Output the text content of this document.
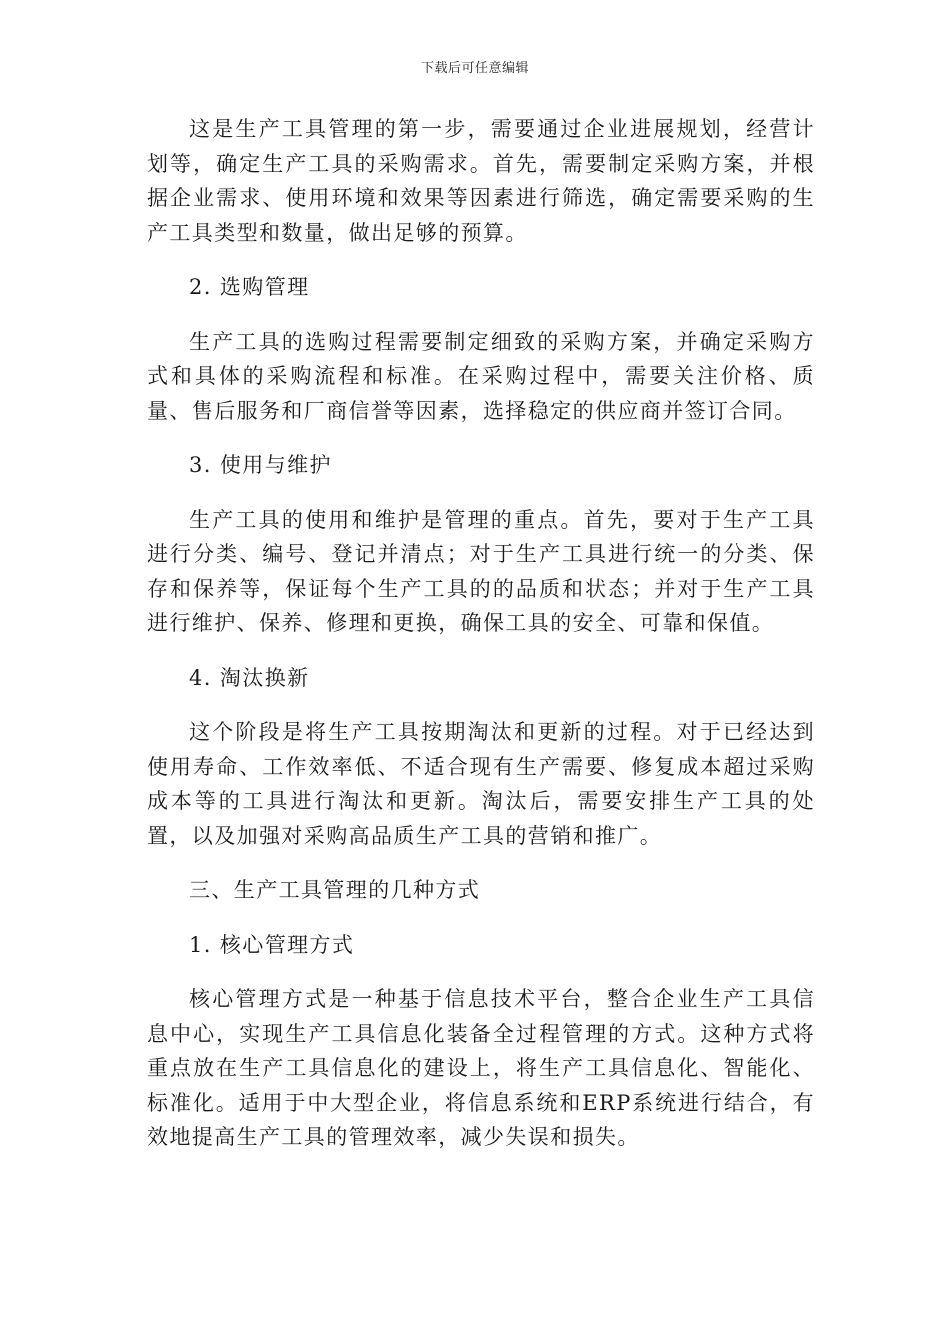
下载后可任意编辑

这是生产工具管理的第一步，需要通过企业进展规划，经营计划等，确定生产工具的采购需求。首先，需要制定采购方案，并根据企业需求、使用环境和效果等因素进行筛选，确定需要采购的生产工具类型和数量，做出足够的预算。

2. 选购管理

生产工具的选购过程需要制定细致的采购方案，并确定采购方式和具体的采购流程和标准。在采购过程中，需要关注价格、质量、售后服务和厂商信誉等因素，选择稳定的供应商并签订合同。

3. 使用与维护

生产工具的使用和维护是管理的重点。首先，要对于生产工具进行分类、编号、登记并清点；对于生产工具进行统一的分类、保存和保养等，保证每个生产工具的的品质和状态；并对于生产工具进行维护、保养、修理和更换，确保工具的安全、可靠和保值。

4. 淘汰换新

这个阶段是将生产工具按期淘汰和更新的过程。对于已经达到使用寿命、工作效率低、不适合现有生产需要、修复成本超过采购成本等的工具进行淘汰和更新。淘汰后，需要安排生产工具的处置，以及加强对采购高品质生产工具的营销和推广。

三、生产工具管理的几种方式

1. 核心管理方式

核心管理方式是一种基于信息技术平台，整合企业生产工具信息中心，实现生产工具信息化装备全过程管理的方式。这种方式将重点放在生产工具信息化的建设上，将生产工具信息化、智能化、标准化。适用于中大型企业，将信息系统和ERP系统进行结合，有效地提高生产工具的管理效率，减少失误和损失。
